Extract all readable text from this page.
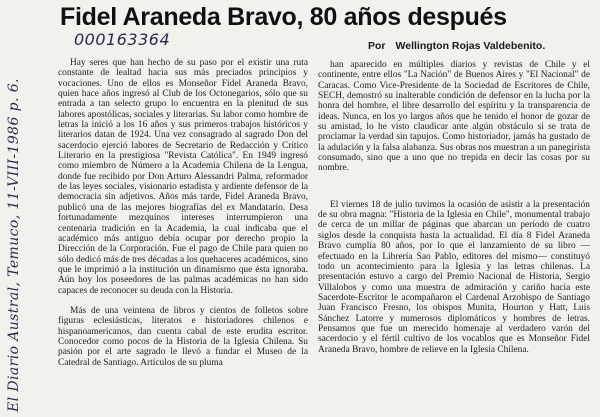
Fidel Araneda Bravo, 80 años después
000163364	Por Wellington Rojas Valdebenito.
El Diario Austral, Temuco, 11-VIII-1986 p. 6.

Hay seres que han hecho de su paso por el existir una ruta constante de lealtad hacia sus más preciados principios y vocaciones. Uno de ellos es Monseñor Fidel Araneda Bravo, quien hace años ingresó al Club de los Octonegarios, sólo que su entrada a tan selecto grupo lo encuentra en la plenitud de sus labores apostólicas, sociales y literarias. Su labor como hombre de letras la inició a los 16 años y sus primeros trabajos históricos y literarios datan de 1924. Una vez consagrado al sagrado Don del sacerdocio ejerció labores de Secretario de Redacción y Crítico Literario en la prestigiosa "Revista Católica". En 1949 ingresó como miembro de Número a la Academia Chilena de la Lengua, donde fue recibido por Don Arturo Alessandri Palma, reformador de las leyes sociales, visionario estadista y ardiente defensor de la democracia sin adjetivos. Años más tarde, Fidel Araneda Bravo, publicó una de las mejores biografías del ex Mandatario. Desa fortunadamente mezquinos intereses interrumpieron una centenaria tradición en la Academia, la cual indicaba que el académico más antiguo debía ocupar por derecho propio la Dirección de la Corporación. Fue el pago de Chile para quien no sólo dedicó más de tres décadas a los quehaceres académicos, sino que le imprimió a la institución un dinamismo que ésta ignoraba. Aún hoy los poseedores de las palmas académicas no han sido capaces de reconocer su deuda con la Historia.

Más de una veintena de libros y cientos de folletos sobre figuras eclesiásticas, literatos e historiadores chilenos e hispanoamericanos, dan cuenta cabal de este erudita escritor. Conocedor como pocos de la Historia de la Iglesia Chilena. Su pasión por el arte sagrado le llevó a fundar el Museo de la Catedral de Santiago. Artículos de su pluma

han aparecido en múltiples diarios y revistas de Chile y el continente, entre ellos "La Nación" de Buenos Aires y "El Nacional" de Caracas. Como Vice-Presidente de la Sociedad de Escritores de Chile, SECH, demostró su inalterable condición de defensor en la lucha por la honra del hombre, el libre desarrollo del espíritu y la transparencia de ideas. Nunca, en los yo largos años que he tenido el honor de gozar de su amistad, lo he visto claudicar ante algún obstáculo si se trata de proclamar la verdad sin tapujos. Como historiador, jamás ha gustado de la adulación y la falsa alabanza. Sus obras nos muestran a un panegirista consumado, sino que a uno que no trepida en decir las cosas por su nombre.

El viernes 18 de julio tuvimos la ocasión de asistir a la presentación de su obra magna: "Historia de la Iglesia en Chile", monumental trabajo de cerca de un millar de páginas que abarcan un período de cuatro siglos desde la conquista hasta la actualidad. El día 8 Fidel Araneda Bravo cumplía 80 años, por lo que el lanzamiento de su libro — efectuado en la Librería Sao Pablo, editores del mismo— constituyó todo un acontecimiento para la Iglesia y las letras chilenas. La presentación estuvo a cargo del Premio Nacional de Historia, Sergio Villalobos y como una muestra de admiración y cariño hacia este Sacerdote-Escritor le acompañaron el Cardenal Arzobispo de Santiago Juan Francisco Fresno, los obispos Munita, Hourton y Hatt, Luis Sánchez Latorre y numerosos diplomáticos y hombres de letras. Pensamos que fue un merecido homenaje al verdadero varón del sacerdocio y el fértil cultivo de los vocablos que es Monseñor Fidel Araneda Bravo, hombre de relieve en la Iglesia Chilena.
